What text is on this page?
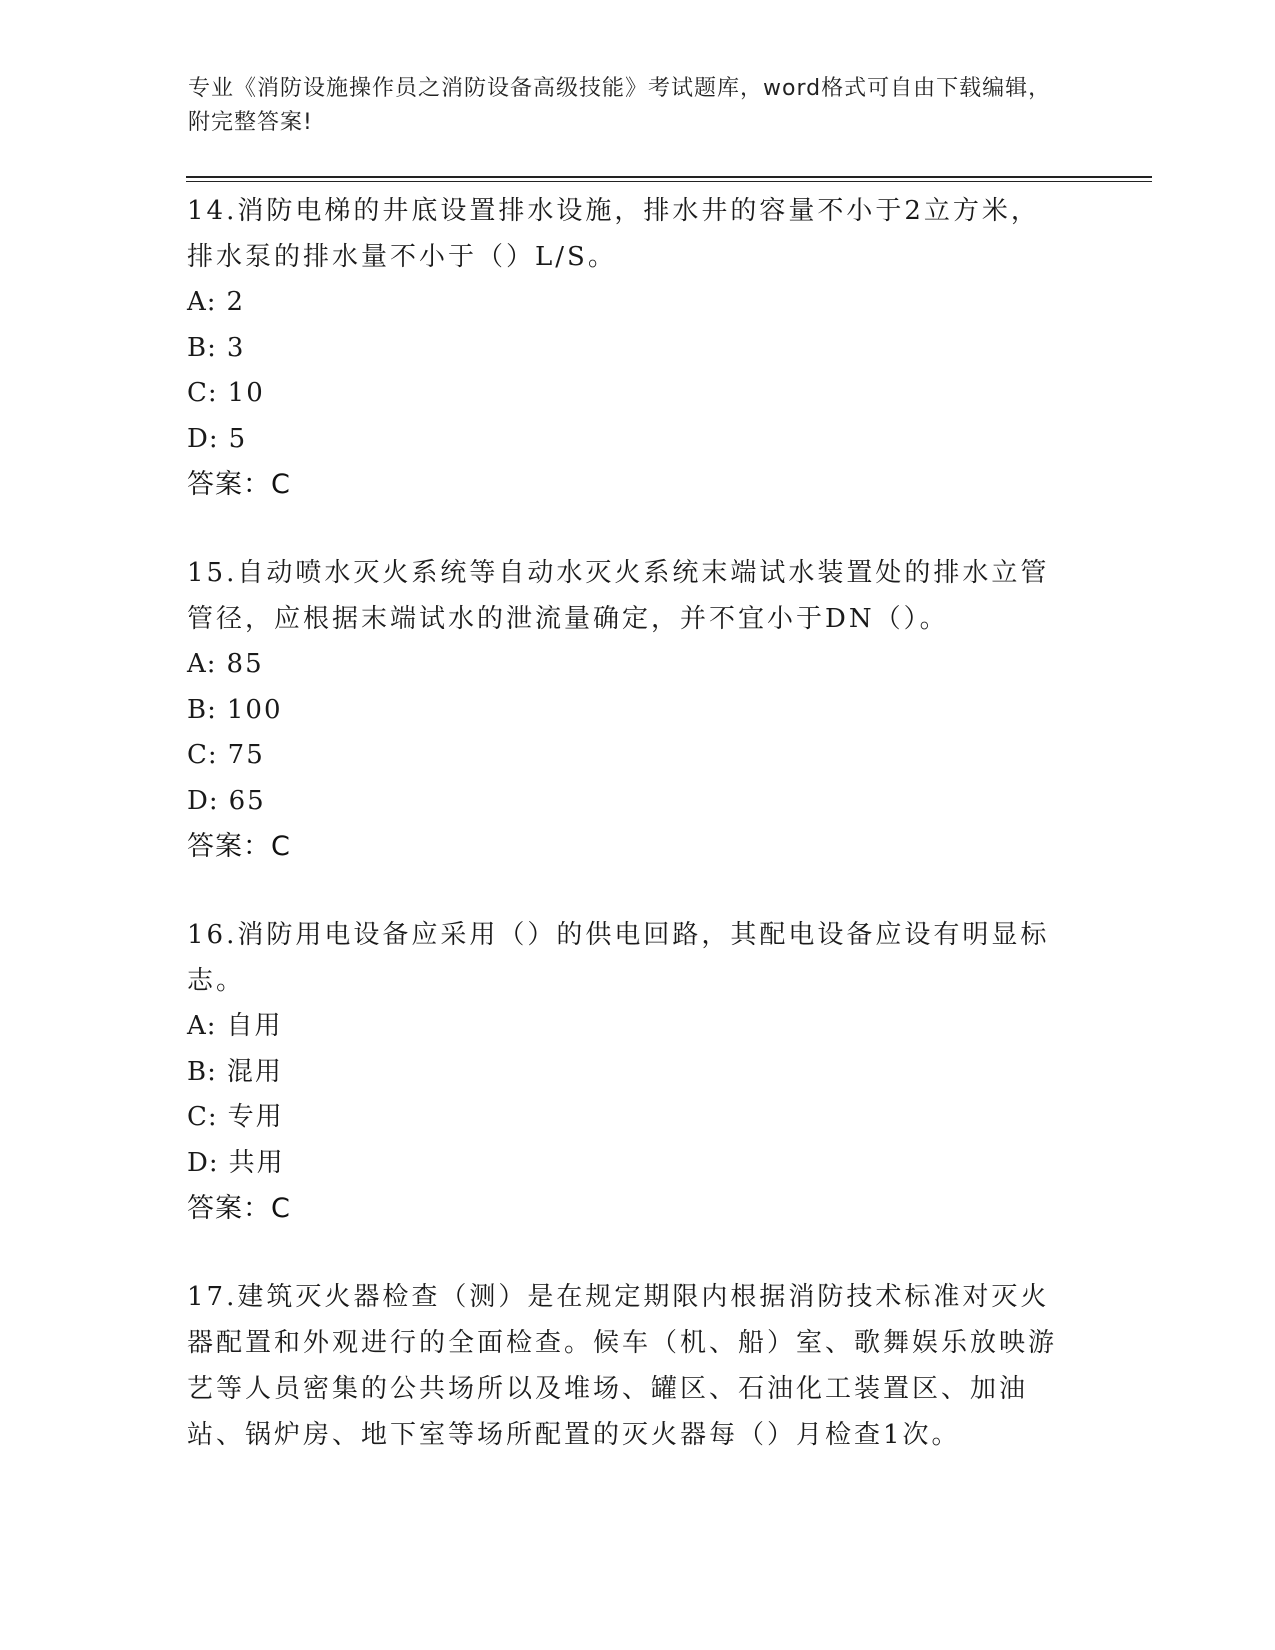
专业《消防设施操作员之消防设备高级技能》考试题库，word格式可自由下载编辑，附完整答案!

14.消防电梯的井底设置排水设施，排水井的容量不小于2立方米，排水泵的排水量不小于（）L/S。

A: 2
B: 3
C: 10
D: 5
答案：C

15.自动喷水灭火系统等自动水灭火系统末端试水装置处的排水立管管径，应根据末端试水的泄流量确定，并不宜小于DN（）。

A: 85
B: 100
C: 75
D: 65
答案：C

16.消防用电设备应采用（）的供电回路，其配电设备应设有明显标志。

A: 自用
B: 混用
C: 专用
D: 共用
答案：C

17.建筑灭火器检查（测）是在规定期限内根据消防技术标准对灭火器配置和外观进行的全面检查。候车（机、船）室、歌舞娱乐放映游艺等人员密集的公共场所以及堆场、罐区、石油化工装置区、加油站、锅炉房、地下室等场所配置的灭火器每（）月检查1次。
